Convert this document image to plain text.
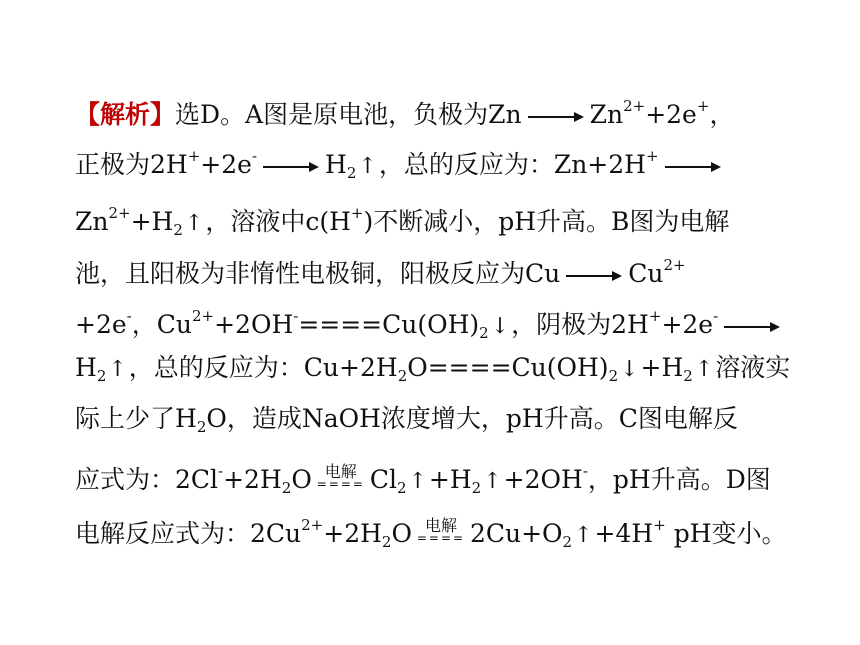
【解析】选D。A图是原电池，负极为Zn	$Zn^{2+}+2e^+$，
正极为2H++2e-	$H_2↑$，总的反应为：Zn+2H+
$Zn^{2+}+H_2↑$，溶液中c(H+)不断减小，pH升高。B图为电解
池，且阳极为非惰性电极铜，阳极反应为Cu	$Cu^{2+}$
+2e-，$Cu^{2+}+2OH^-====Cu(OH)_2↓$，阴极为2H++2e-
$H_2↑$，总的反应为：$Cu+2H_2O====Cu(OH)_2↓+H_2↑$溶液实
际上少了$H_2O$，造成NaOH浓度增大，pH升高。C图电解反
应式为：$2Cl^-+2H_2O$ 电解
==== $Cl_2↑+H_2↑+2OH^-$，pH升高。D图
电解反应式为：$2Cu^{2+}+2H_2O$ 电解
==== $2Cu+O_2↑+4H^+$ pH变小。
